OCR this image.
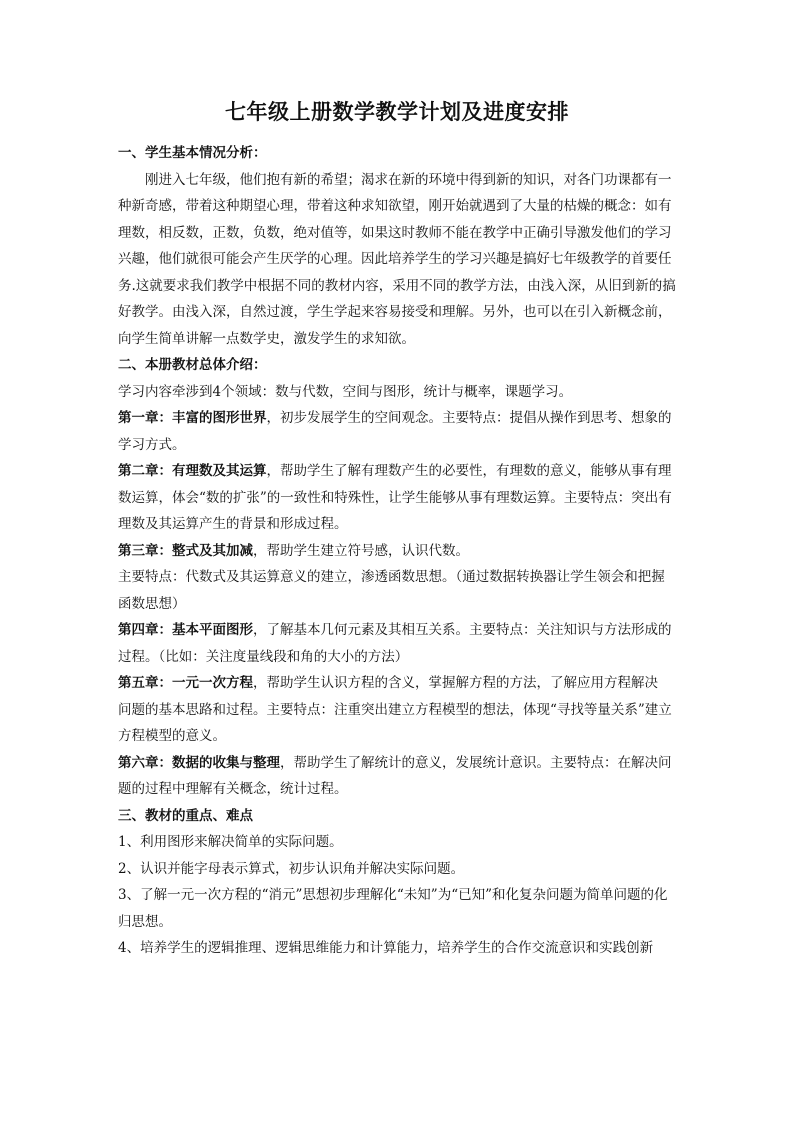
七年级上册数学教学计划及进度安排

一、学生基本情况分析：

刚进入七年级，他们抱有新的希望；渴求在新的环境中得到新的知识，对各门功课都有一种新奇感，带着这种期望心理，带着这种求知欲望，刚开始就遇到了大量的枯燥的概念：如有理数，相反数，正数，负数，绝对值等，如果这时教师不能在教学中正确引导激发他们的学习兴趣，他们就很可能会产生厌学的心理。因此培养学生的学习兴趣是搞好七年级教学的首要任务.这就要求我们教学中根据不同的教材内容，采用不同的教学方法，由浅入深，从旧到新的搞好教学。由浅入深，自然过渡，学生学起来容易接受和理解。另外，也可以在引入新概念前，向学生简单讲解一点数学史，激发学生的求知欲。

二、本册教材总体介绍：

学习内容牵涉到4个领域：数与代数，空间与图形，统计与概率，课题学习。

第一章：丰富的图形世界，初步发展学生的空间观念。主要特点：提倡从操作到思考、想象的学习方式。

第二章：有理数及其运算，帮助学生了解有理数产生的必要性，有理数的意义，能够从事有理数运算，体会“数的扩张”的一致性和特殊性，让学生能够从事有理数运算。主要特点：突出有理数及其运算产生的背景和形成过程。

第三章：整式及其加减，帮助学生建立符号感，认识代数。

主要特点：代数式及其运算意义的建立，渗透函数思想。（通过数据转换器让学生领会和把握函数思想）

第四章：基本平面图形，了解基本几何元素及其相互关系。主要特点：关注知识与方法形成的过程。（比如：关注度量线段和角的大小的方法）

第五章：一元一次方程，帮助学生认识方程的含义，掌握解方程的方法，了解应用方程解决

问题的基本思路和过程。主要特点：注重突出建立方程模型的想法，体现“寻找等量关系”建立方程模型的意义。

第六章：数据的收集与整理，帮助学生了解统计的意义，发展统计意识。主要特点：在解决问题的过程中理解有关概念，统计过程。

三、教材的重点、难点

1、利用图形来解决简单的实际问题。

2、认识并能字母表示算式，初步认识角并解决实际问题。

3、了解一元一次方程的“消元”思想初步理解化“未知”为“已知”和化复杂问题为简单问题的化归思想。

4、培养学生的逻辑推理、逻辑思维能力和计算能力，培养学生的合作交流意识和实践创新
